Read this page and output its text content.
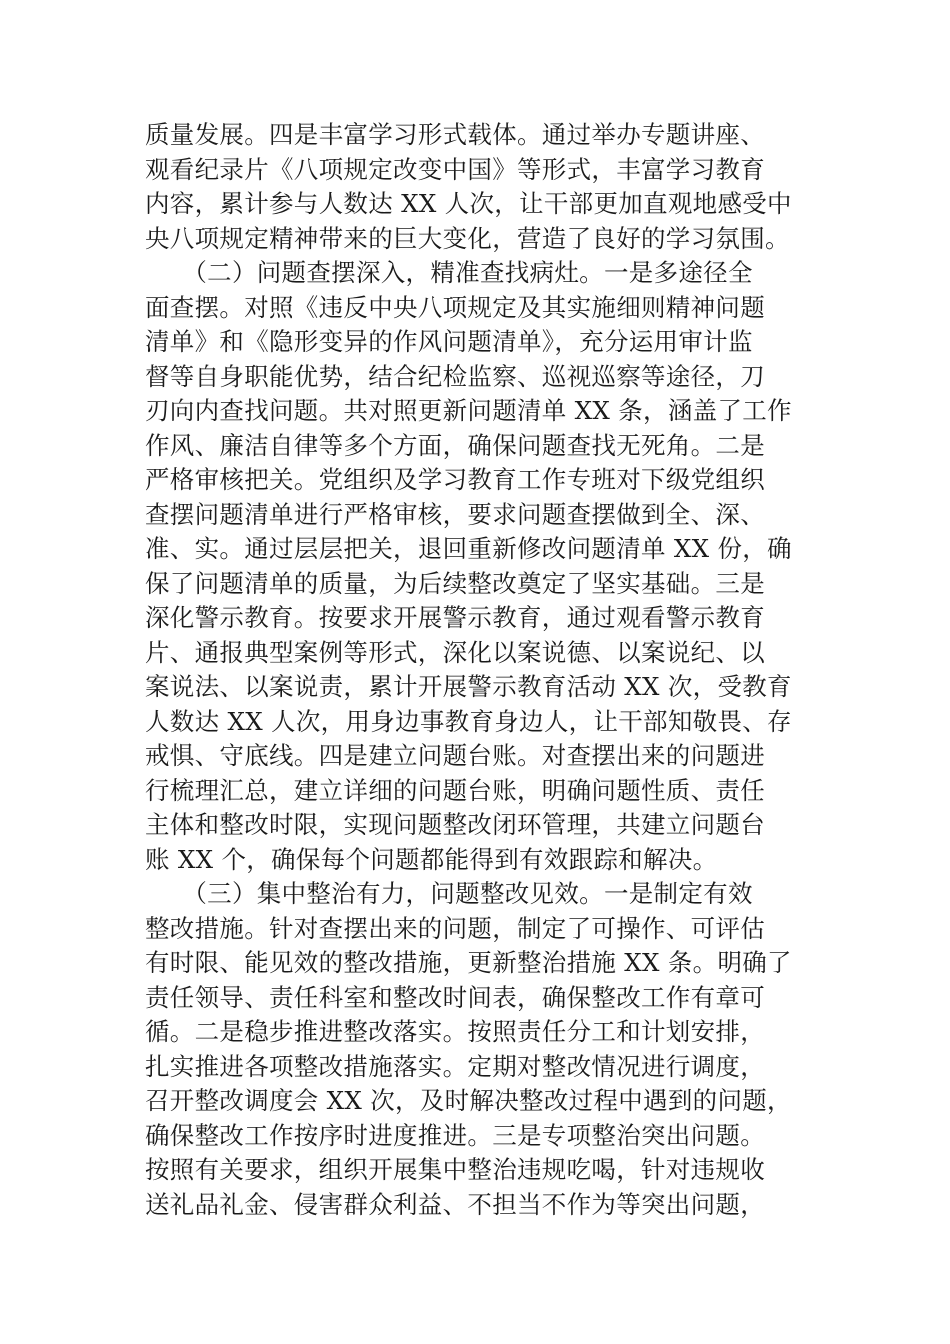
质量发展。四是丰富学习形式载体。通过举办专题讲座、
观看纪录片《八项规定改变中国》等形式，丰富学习教育
内容，累计参与人数达 XX 人次，让干部更加直观地感受中
央八项规定精神带来的巨大变化，营造了良好的学习氛围。
　　（二）问题查摆深入，精准查找病灶。一是多途径全
面查摆。对照《违反中央八项规定及其实施细则精神问题
清单》和《隐形变异的作风问题清单》，充分运用审计监
督等自身职能优势，结合纪检监察、巡视巡察等途径，刀
刃向内查找问题。共对照更新问题清单 XX 条，涵盖了工作
作风、廉洁自律等多个方面，确保问题查找无死角。二是
严格审核把关。党组织及学习教育工作专班对下级党组织
查摆问题清单进行严格审核，要求问题查摆做到全、深、
准、实。通过层层把关，退回重新修改问题清单 XX 份，确
保了问题清单的质量，为后续整改奠定了坚实基础。三是
深化警示教育。按要求开展警示教育，通过观看警示教育
片、通报典型案例等形式，深化以案说德、以案说纪、以
案说法、以案说责，累计开展警示教育活动 XX 次，受教育
人数达 XX 人次，用身边事教育身边人，让干部知敬畏、存
戒惧、守底线。四是建立问题台账。对查摆出来的问题进
行梳理汇总，建立详细的问题台账，明确问题性质、责任
主体和整改时限，实现问题整改闭环管理，共建立问题台
账 XX 个，确保每个问题都能得到有效跟踪和解决。
　　（三）集中整治有力，问题整改见效。一是制定有效
整改措施。针对查摆出来的问题，制定了可操作、可评估
有时限、能见效的整改措施，更新整治措施 XX 条。明确了
责任领导、责任科室和整改时间表，确保整改工作有章可
循。二是稳步推进整改落实。按照责任分工和计划安排，
扎实推进各项整改措施落实。定期对整改情况进行调度，
召开整改调度会 XX 次，及时解决整改过程中遇到的问题，
确保整改工作按序时进度推进。三是专项整治突出问题。
按照有关要求，组织开展集中整治违规吃喝，针对违规收
送礼品礼金、侵害群众利益、不担当不作为等突出问题，
